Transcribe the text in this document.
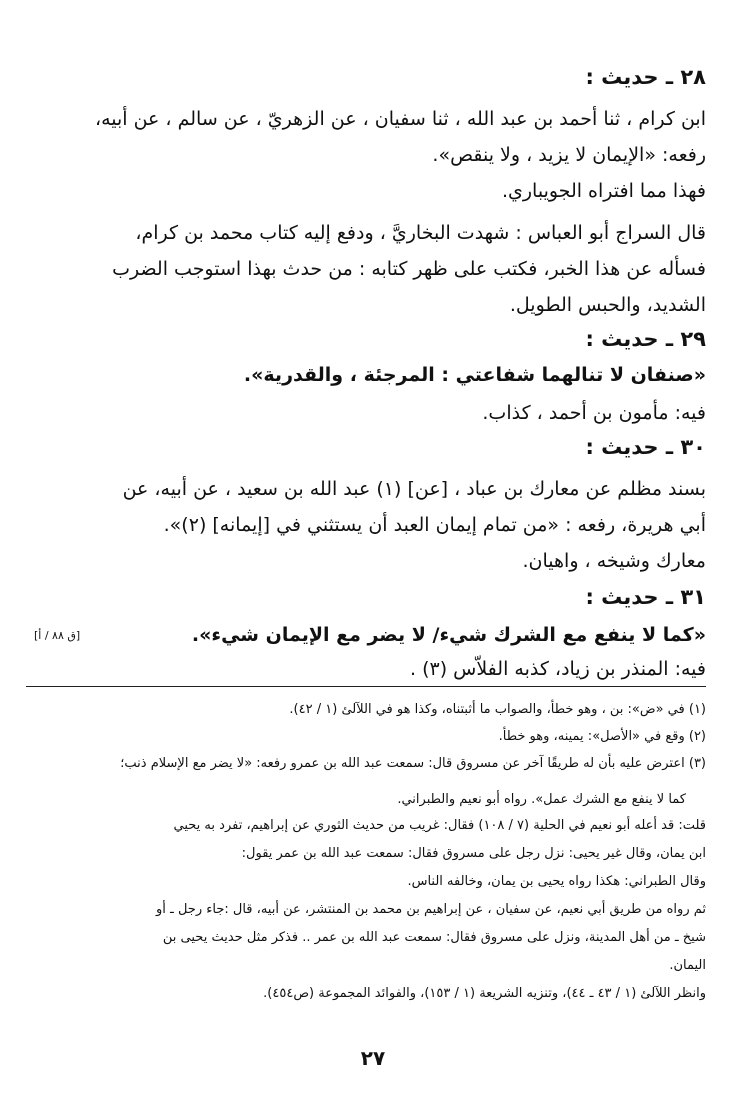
٢٨ ـ حديث :
ابن كرام ، ثنا أحمد بن عبد الله ، ثنا سفيان ، عن الزهريّ ، عن سالم ، عن أبيه،
رفعه: «الإيمان لا يزيد ، ولا ينقص».
فهذا مما افتراه الجويباري.
قال السراج أبو العباس : شهدت البخاريَّ ، ودفع إليه كتاب محمد بن كرام،
فسأله عن هذا الخبر، فكتب على ظهر كتابه : من حدث بهذا استوجب الضرب
الشديد، والحبس الطويل.
٢٩ ـ حديث :
«صنفان لا تنالهما شفاعتي : المرجئة ، والقدرية».
فيه: مأمون بن أحمد ، كذاب.
٣٠ ـ حديث :
بسند مظلم عن معارك بن عباد ، [عن] (١) عبد الله بن سعيد ، عن أبيه، عن
أبي هريرة، رفعه : «من تمام إيمان العبد أن يستثني في [إيمانه] (٢)».
معارك وشيخه ، واهيان.
٣١ ـ حديث :
«كما لا ينفع مع الشرك شيء/ لا يضر مع الإيمان شيء».
فيه: المنذر بن زياد، كذبه الفلاّس (٣) .
[ق ٨٨ / أ]
(١) في «ض»: بن ، وهو خطأ، والصواب ما أثبتناه، وكذا هو في اللآلئ (١ / ٤٢).
(٢) وقع في «الأصل»: يمينه، وهو خطأ.
(٣) اعترض عليه بأن له طريقًا آخر عن مسروق قال: سمعت عبد الله بن عمرو رفعه: «لا يضر مع الإسلام ذنب؛
كما لا ينفع مع الشرك عمل». رواه أبو نعيم والطبراني.
قلت: قد أعله أبو نعيم في الحلية (٧ / ١٠٨) فقال: غريب من حديث الثوري عن إبراهيم، تفرد به يحيي
ابن يمان، وقال غير يحيى: نزل رجل على مسروق فقال: سمعت عبد الله بن عمر يقول:
وقال الطبراني: هكذا رواه يحيى بن يمان، وخالفه الناس.
ثم رواه من طريق أبي نعيم، عن سفيان ، عن إبراهيم بن محمد بن المنتشر، عن أبيه، قال :جاء رجل ـ أو
شيخ ـ من أهل المدينة، ونزل على مسروق فقال: سمعت عبد الله بن عمر .. فذكر مثل حديث يحيى بن
اليمان.
وانظر اللآلئ (١ / ٤٣ ـ ٤٤)، وتنزيه الشريعة (١ / ١٥٣)، والفوائد المجموعة (ص٤٥٤).
٢٧
